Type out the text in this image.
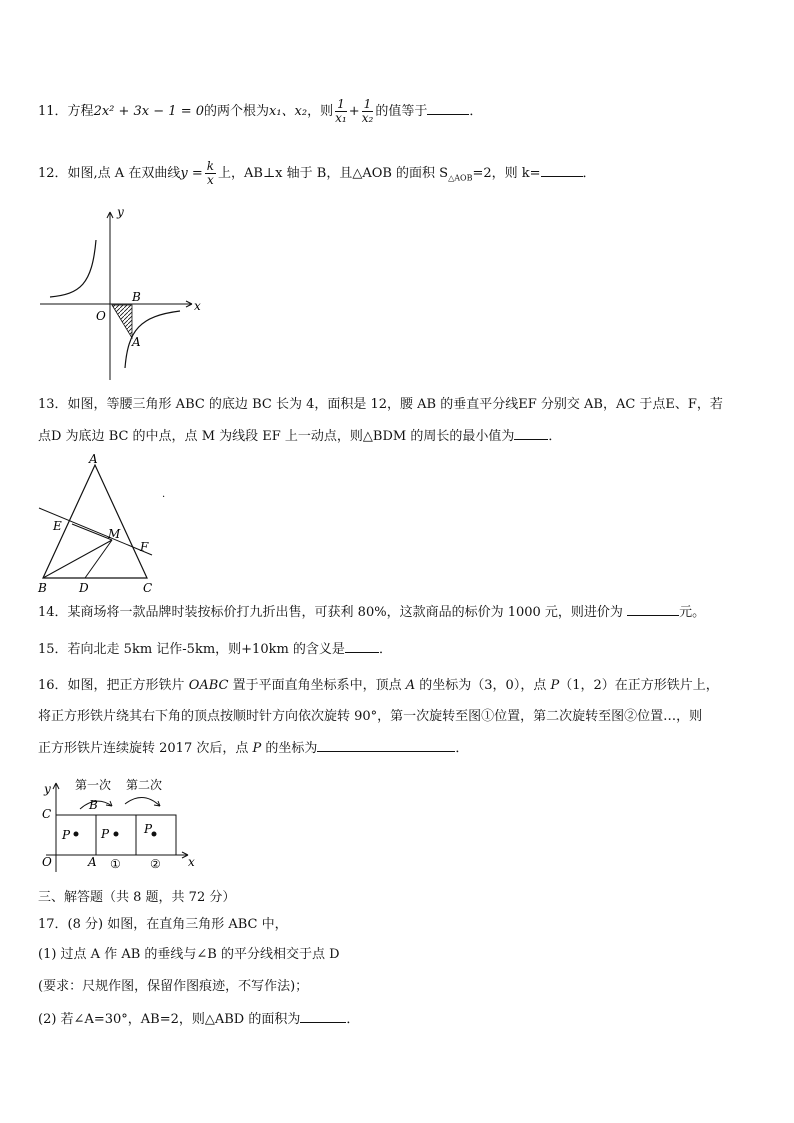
11．方程2x² + 3x − 1 = 0的两个根为x₁、x₂，则 $\frac{1}{\text{x₁}} + \frac{1}{\text{x₂}}$ 的值等于	．
12．如图,点 A 在双曲线$y = \frac{k}{x}$ 上，AB⊥x 轴于 B，且△AOB 的面积 $S_{\triangle AOB}=2$，则 k=	．
y
x
O
B
A
13．如图，等腰三角形 ABC 的底边 BC 长为 4，面积是 12，腰 AB 的垂直平分线EF 分别交 AB，AC 于点E、F，若
点D 为底边 BC 的中点，点 M 为线段 EF 上一动点，则△BDM 的周长的最小值为	．
A
B	C
D
E
F
M
.
14．某商场将一款品牌时装按标价打九折出售，可获利 80%，这款商品的标价为 1000 元，则进价为	元。
15．若向北走 5km 记作-5km，则+10km 的含义是	．
16．如图，把正方形铁片 OABC 置于平面直角坐标系中，顶点 A 的坐标为（3，0），点 P（1，2）在正方形铁片上，
将正方形铁片绕其右下角的顶点按顺时针方向依次旋转 90°，第一次旋转至图①位置，第二次旋转至图②位置…，则
正方形铁片连续旋转 2017 次后，点 P 的坐标为	．
y
x
C
O	A
B
第一次 第二次
P	P	P
① ②
三、解答题（共 8 题，共 72 分）
17．(8 分) 如图，在直角三角形 ABC 中，
(1) 过点 A 作 AB 的垂线与∠B 的平分线相交于点 D
(要求：尺规作图，保留作图痕迹，不写作法)；
(2) 若∠A=30°，AB=2，则△ABD 的面积为	．
